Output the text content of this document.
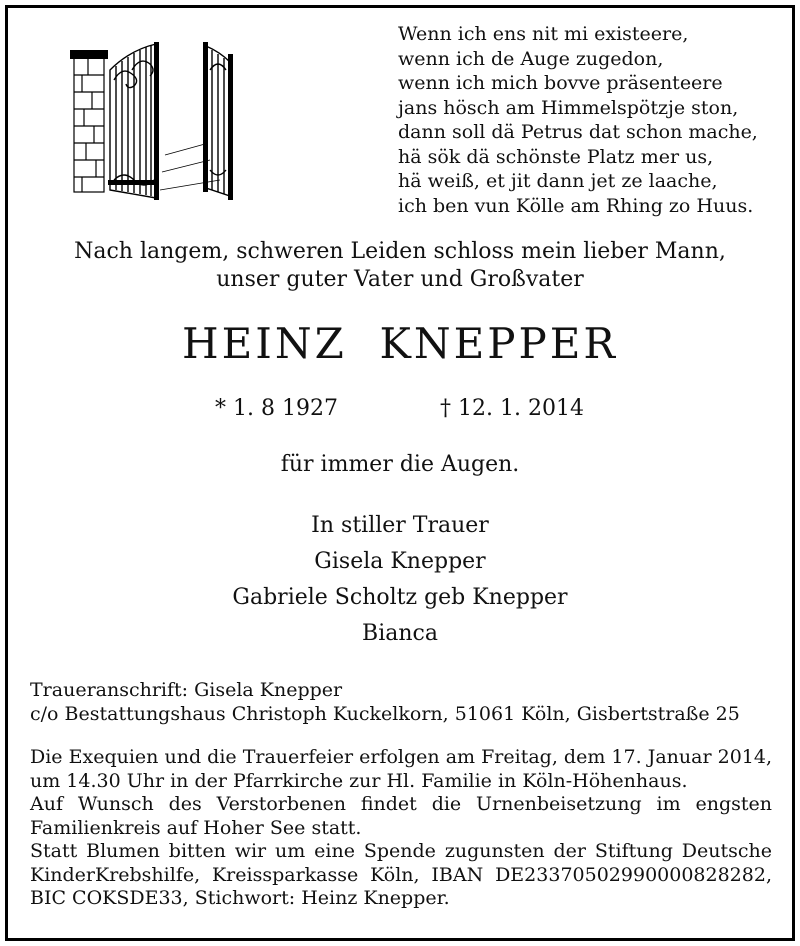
Wenn ich ens nit mi existeere,
wenn ich de Auge zugedon,
wenn ich mich bovve präsenteere
jans hösch am Himmelspötzje ston,
dann soll dä Petrus dat schon mache,
hä sök dä schönste Platz mer us,
hä weiß, et jit dann jet ze laache,
ich ben vun Kölle am Rhing zo Huus.
Nach langem, schweren Leiden schloss mein lieber Mann,
unser guter Vater und Großvater
HEINZ  KNEPPER
* 1. 8 1927	† 12. 1. 2014
für immer die Augen.
In stiller Trauer
Gisela Knepper
Gabriele Scholtz geb Knepper
Bianca
Traueranschrift: Gisela Knepper
c/o Bestattungshaus Christoph Kuckelkorn, 51061 Köln, Gisbertstraße 25
Die Exequien und die Trauerfeier erfolgen am Freitag, dem 17. Januar 2014,
um 14.30 Uhr in der Pfarrkirche zur Hl. Familie in Köln-Höhenhaus.
Auf Wunsch des Verstorbenen findet die Urnenbeisetzung im engsten
Familienkreis auf Hoher See statt.
Statt Blumen bitten wir um eine Spende zugunsten der Stiftung Deutsche
KinderKrebshilfe, Kreissparkasse Köln, IBAN DE23370502990000828282,
BIC COKSDE33, Stichwort: Heinz Knepper.
